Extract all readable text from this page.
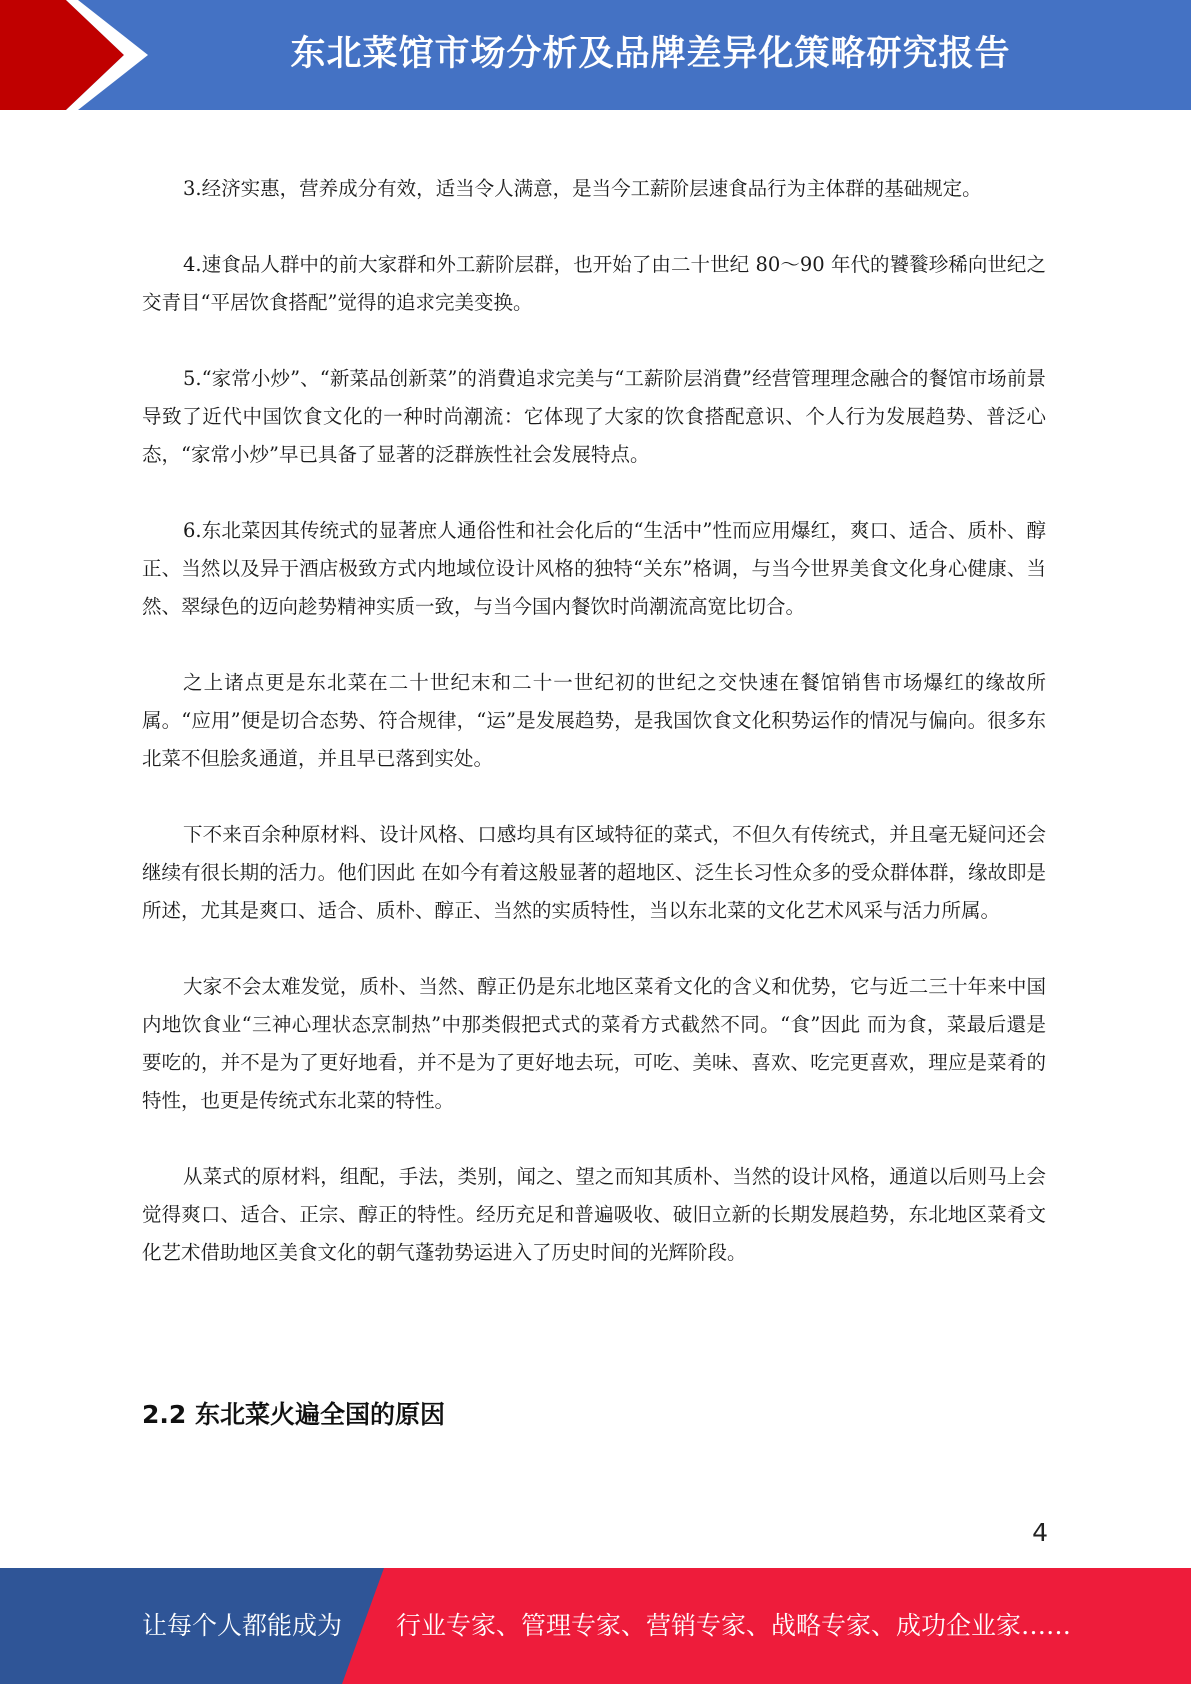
东北菜馆市场分析及品牌差异化策略研究报告

3.经济实惠，营养成分有效，适当令人满意，是当今工薪阶层速食品行为主体群的基础规定。

4.速食品人群中的前大家群和外工薪阶层群，也开始了由二十世纪 80～90 年代的饕餮珍稀向世纪之交青目“平居饮食搭配”觉得的追求完美变换。

5.“家常小炒”、“新菜品创新菜”的消費追求完美与“工薪阶层消費”经营管理理念融合的餐馆市场前景导致了近代中国饮食文化的一种时尚潮流：它体现了大家的饮食搭配意识、个人行为发展趋势、普泛心态，“家常小炒”早已具备了显著的泛群族性社会发展特点。

6.东北菜因其传统式的显著庶人通俗性和社会化后的“生活中”性而应用爆红，爽口、适合、质朴、醇正、当然以及异于酒店极致方式内地域位设计风格的独特“关东”格调，与当今世界美食文化身心健康、当然、翠绿色的迈向趁势精神实质一致，与当今国内餐饮时尚潮流高宽比切合。

之上诸点更是东北菜在二十世纪末和二十一世纪初的世纪之交快速在餐馆销售市场爆红的缘故所属。“应用”便是切合态势、符合规律，“运”是发展趋势，是我国饮食文化积势运作的情况与偏向。很多东北菜不但脍炙通道，并且早已落到实处。

下不来百余种原材料、设计风格、口感均具有区域特征的菜式，不但久有传统式，并且毫无疑问还会继续有很长期的活力。他们因此 在如今有着这般显著的超地区、泛生长习性众多的受众群体群，缘故即是所述，尤其是爽口、适合、质朴、醇正、当然的实质特性，当以东北菜的文化艺术风采与活力所属。

大家不会太难发觉，质朴、当然、醇正仍是东北地区菜肴文化的含义和优势，它与近二三十年来中国内地饮食业“三神心理状态烹制热”中那类假把式式的菜肴方式截然不同。“食”因此 而为食，菜最后還是要吃的，并不是为了更好地看，并不是为了更好地去玩，可吃、美味、喜欢、吃完更喜欢，理应是菜肴的特性，也更是传统式东北菜的特性。

从菜式的原材料，组配，手法，类别，闻之、望之而知其质朴、当然的设计风格，通道以后则马上会觉得爽口、适合、正宗、醇正的特性。经历充足和普遍吸收、破旧立新的长期发展趋势，东北地区菜肴文化艺术借助地区美食文化的朝气蓬勃势运进入了历史时间的光辉阶段。

2.2 东北菜火遍全国的原因
4
让每个人都能成为 行业专家、管理专家、营销专家、战略专家、成功企业家……
